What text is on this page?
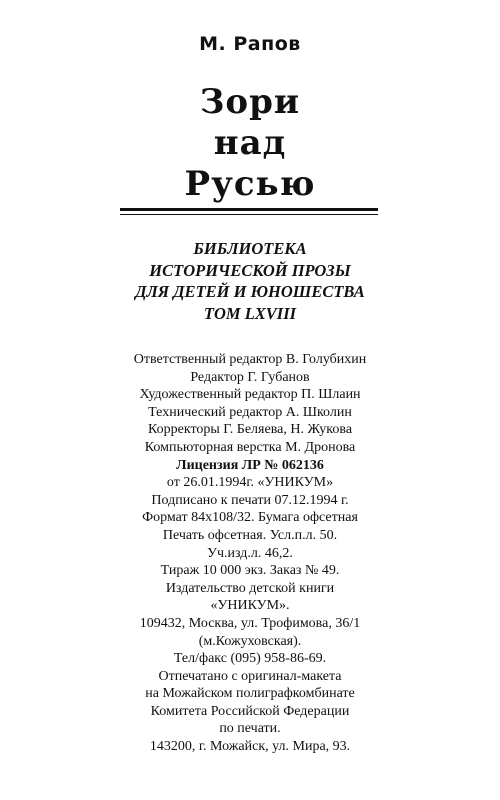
М. Рапов
Зори
над
Русью
БИБЛИОТЕКА
ИСТОРИЧЕСКОЙ ПРОЗЫ
ДЛЯ ДЕТЕЙ И ЮНОШЕСТВА
ТОМ LXVIII
Ответственный редактор В. Голубихин
Редактор Г. Губанов
Художественный редактор П. Шлаин
Технический редактор А. Школин
Корректоры Г. Беляева, Н. Жукова
Компьюторная верстка М. Дронова
Лицензия ЛР № 062136
от 26.01.1994г. «УНИКУМ»
Подписано к печати 07.12.1994 г.
Формат 84x108/32. Бумага офсетная
Печать офсетная. Усл.п.л. 50.
Уч.изд.л. 46,2.
Тираж 10 000 экз. Заказ № 49.
Издательство детской книги
«УНИКУМ».
109432, Москва, ул. Трофимова, 36/1
(м.Кожуховская).
Тел/факс (095) 958-86-69.
Отпечатано с оригинал-макета
на Можайском полиграфкомбинате
Комитета Российской Федерации
по печати.
143200, г. Можайск, ул. Мира, 93.
